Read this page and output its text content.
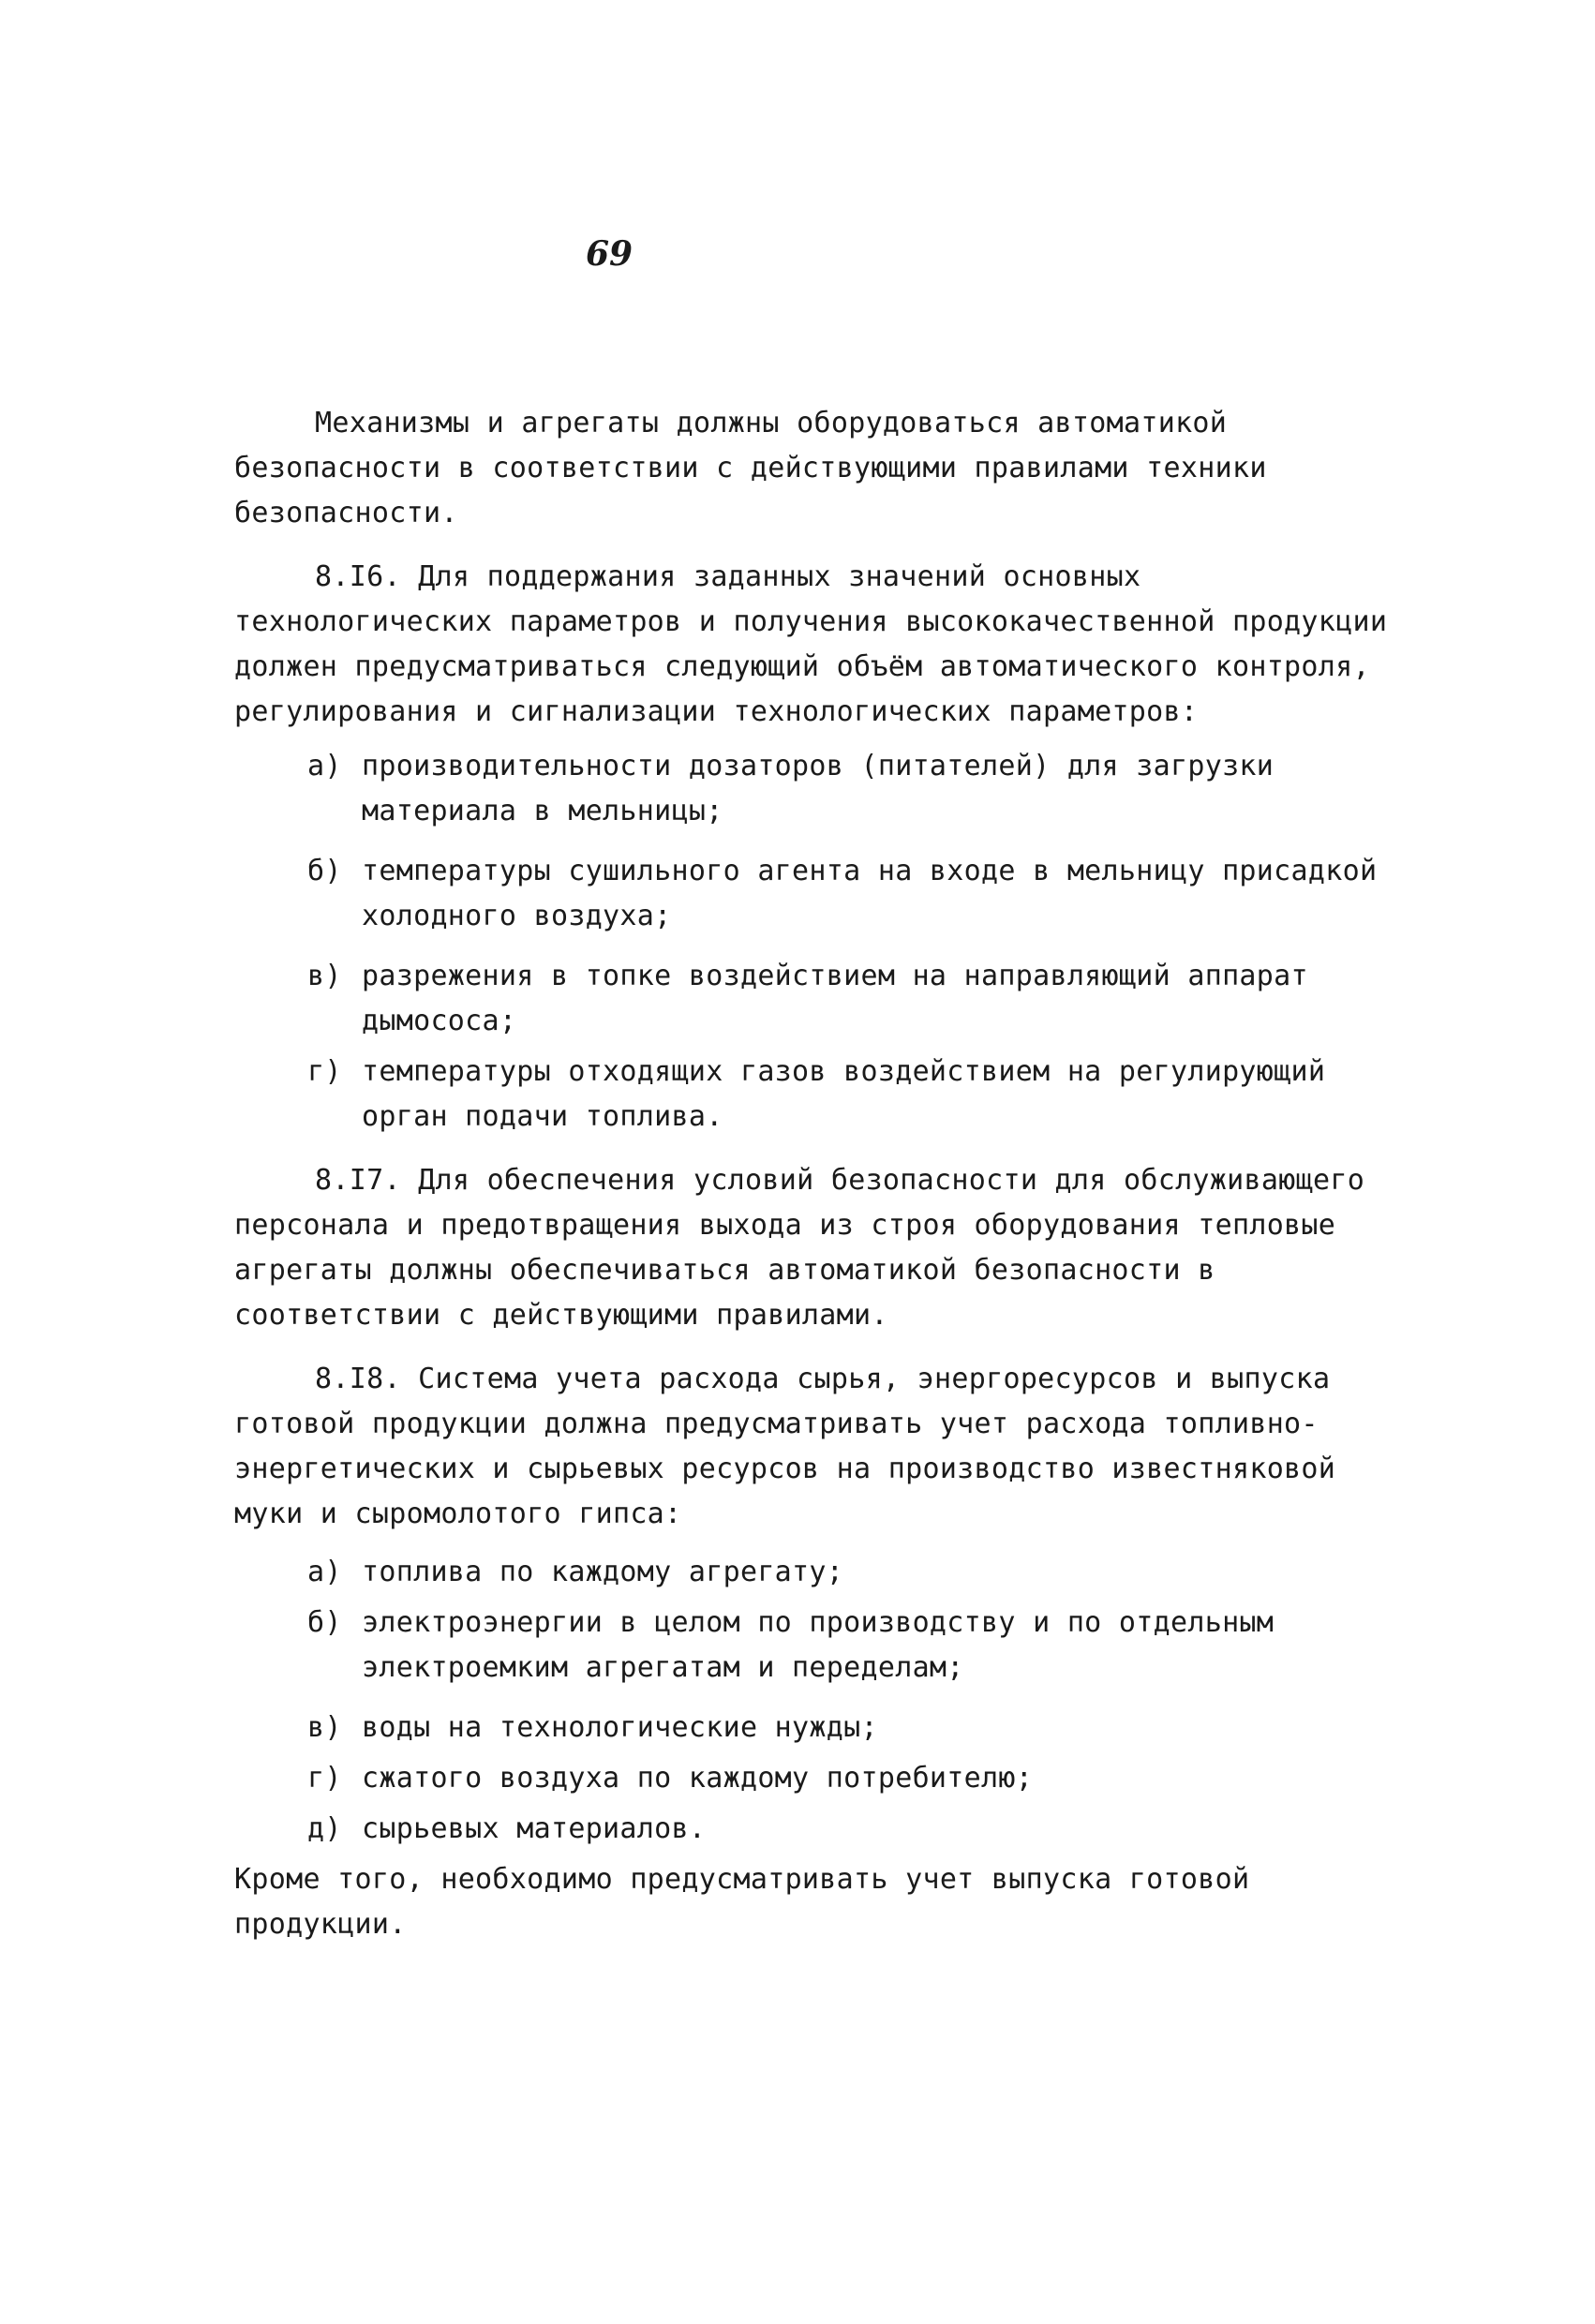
69

Механизмы и агрегаты должны оборудоваться автоматикой безопасности в соответствии с действующими правилами техники безопасности.

8.I6. Для поддержания заданных значений основных технологических параметров и получения высококачественной продукции должен предусматриваться следующий объём автоматического контроля, регулирования и сигнализации технологических параметров:

а) производительности дозаторов (питателей) для загрузки материала в мельницы;
б) температуры сушильного агента на входе в мельницу присадкой холодного воздуха;
в) разрежения в топке воздействием на направляющий аппарат дымососа;
г) температуры отходящих газов воздействием на регулирующий орган подачи топлива.

8.I7. Для обеспечения условий безопасности для обслуживающего персонала и предотвращения выхода из строя оборудования тепловые агрегаты должны обеспечиваться автоматикой безопасности в соответствии с действующими правилами.

8.I8. Система учета расхода сырья, энергоресурсов и выпуска готовой продукции должна предусматривать учет расхода топливно-энергетических и сырьевых ресурсов на производство известняковой муки и сыромолотого гипса:

а) топлива по каждому агрегату;
б) электроэнергии в целом по производству и по отдельным электроемким агрегатам и переделам;
в) воды на технологические нужды;
г) сжатого воздуха по каждому потребителю;
д) сырьевых материалов.

Кроме того, необходимо предусматривать учет выпуска готовой продукции.
